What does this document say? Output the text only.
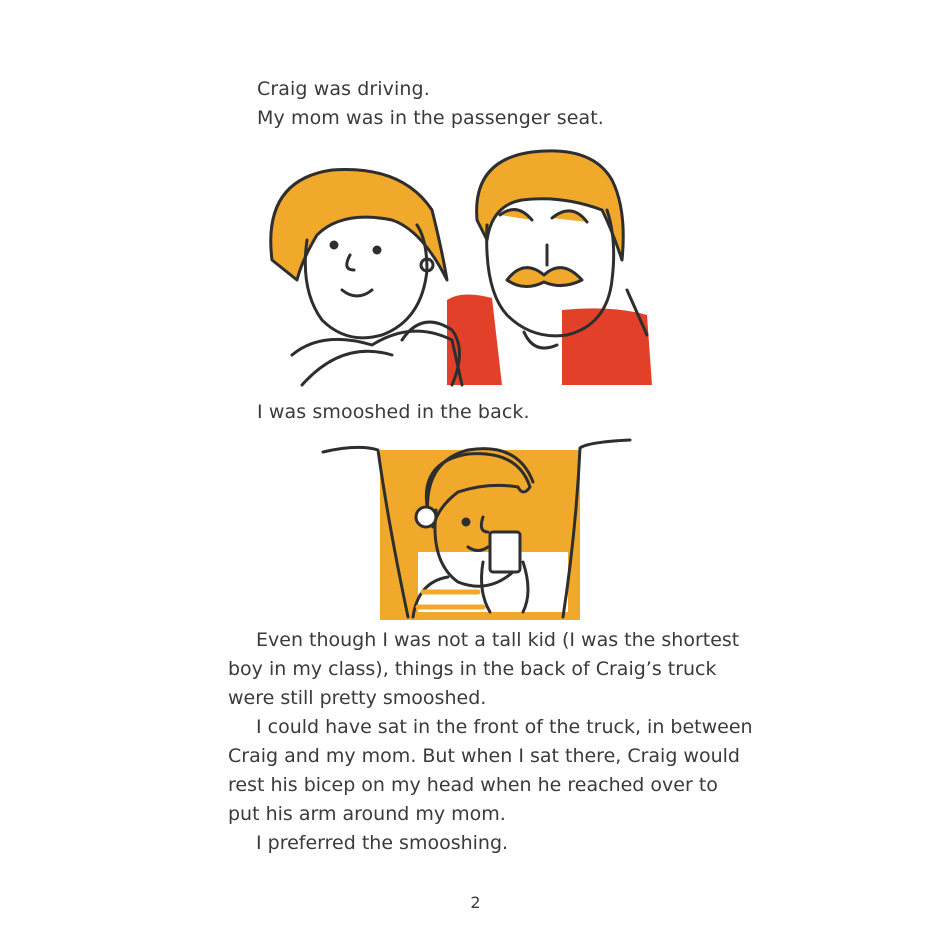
Craig was driving.
My mom was in the passenger seat.
I was smooshed in the back.

Even though I was not a tall kid (I was the shortest

boy in my class), things in the back of Craig’s truck

were still pretty smooshed.

I could have sat in the front of the truck, in between

Craig and my mom. But when I sat there, Craig would

rest his bicep on my head when he reached over to

put his arm around my mom.

I preferred the smooshing.

2
